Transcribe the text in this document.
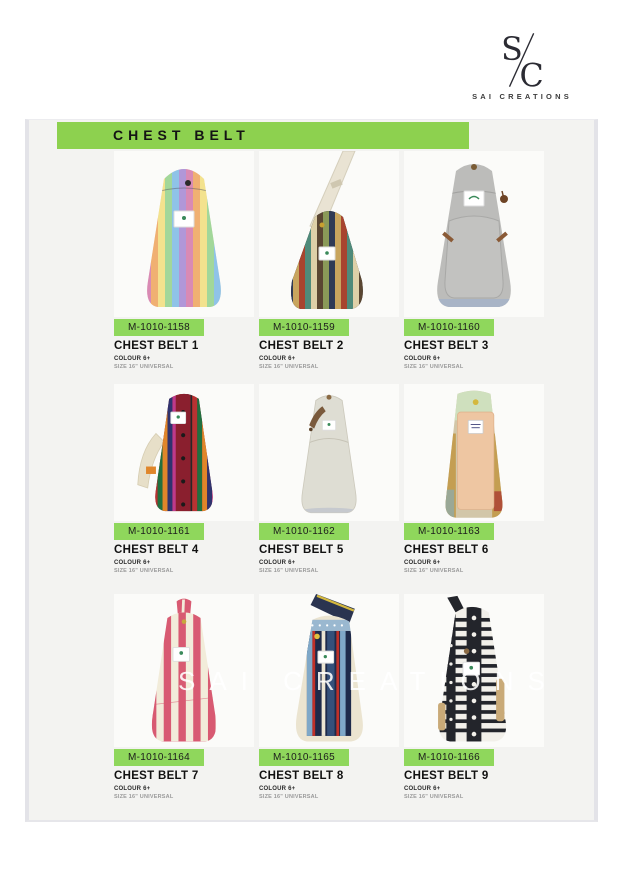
S
C
SAI CREATIONS
CHEST BELT
M-1010-1158
CHEST BELT 1
COLOUR 6+
SIZE 16" UNIVERSAL
M-1010-1159
CHEST BELT 2
COLOUR 6+
SIZE 16" UNIVERSAL
M-1010-1160
CHEST BELT 3
COLOUR 6+
SIZE 16" UNIVERSAL
M-1010-1161
CHEST BELT 4
COLOUR 6+
SIZE 16" UNIVERSAL
M-1010-1162
CHEST BELT 5
COLOUR 6+
SIZE 16" UNIVERSAL
M-1010-1163
CHEST BELT 6
COLOUR 6+
SIZE 16" UNIVERSAL
M-1010-1164
CHEST BELT 7
COLOUR 6+
SIZE 16" UNIVERSAL
M-1010-1165
CHEST BELT 8
COLOUR 6+
SIZE 16" UNIVERSAL
M-1010-1166
CHEST BELT 9
COLOUR 6+
SIZE 16" UNIVERSAL
SAI CREATIONS
